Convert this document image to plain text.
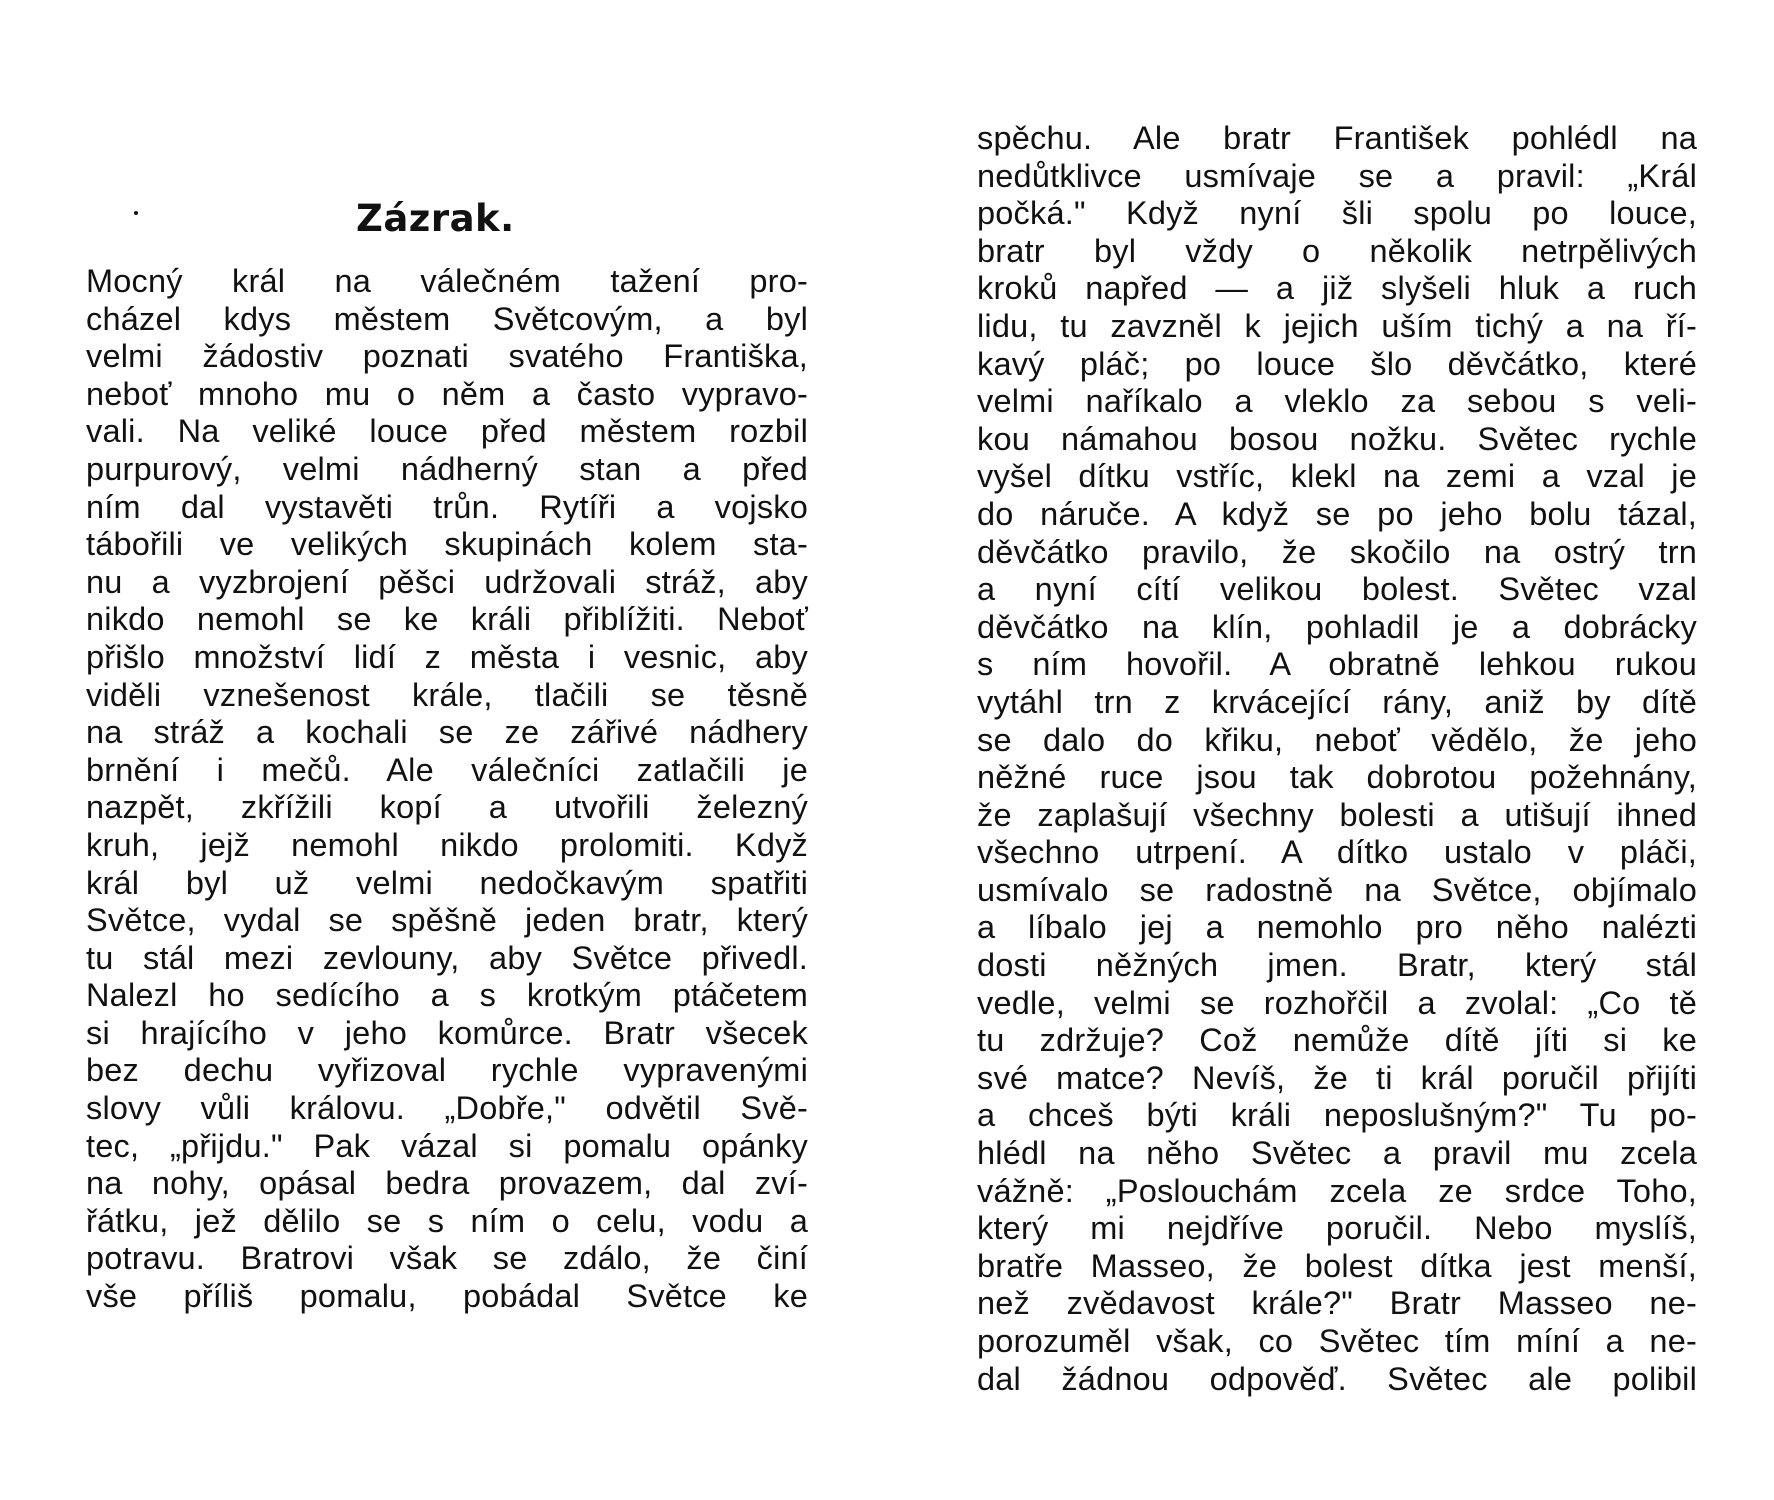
Zázrak.
Mocný král na válečném tažení pro-
cházel kdys městem Světcovým, a byl
velmi žádostiv poznati svatého Františka,
neboť mnoho mu o něm a často vypravo-
vali. Na veliké louce před městem rozbil
purpurový, velmi nádherný stan a před
ním dal vystavěti trůn. Rytíři a vojsko
tábořili ve velikých skupinách kolem sta-
nu a vyzbrojení pěšci udržovali stráž, aby
nikdo nemohl se ke králi přiblížiti. Neboť
přišlo množství lidí z města i vesnic, aby
viděli vznešenost krále, tlačili se těsně
na stráž a kochali se ze zářivé nádhery
brnění i mečů. Ale válečníci zatlačili je
nazpět, zkřížili kopí a utvořili železný
kruh, jejž nemohl nikdo prolomiti. Když
král byl už velmi nedočkavým spatřiti
Světce, vydal se spěšně jeden bratr, který
tu stál mezi zevlouny, aby Světce přivedl.
Nalezl ho sedícího a s krotkým ptáčetem
si hrajícího v jeho komůrce. Bratr všecek
bez dechu vyřizoval rychle vypravenými
slovy vůli královu. „Dobře," odvětil Svě-
tec, „přijdu." Pak vázal si pomalu opánky
na nohy, opásal bedra provazem, dal zví-
řátku, jež dělilo se s ním o celu, vodu a
potravu. Bratrovi však se zdálo, že činí
vše příliš pomalu, pobádal Světce ke
spěchu. Ale bratr František pohlédl na
nedůtklivce usmívaje se a pravil: „Král
počká." Když nyní šli spolu po louce,
bratr byl vždy o několik netrpělivých
kroků napřed — a již slyšeli hluk a ruch
lidu, tu zavzněl k jejich uším tichý a na ří-
kavý pláč; po louce šlo děvčátko, které
velmi naříkalo a vleklo za sebou s veli-
kou námahou bosou nožku. Světec rychle
vyšel dítku vstříc, klekl na zemi a vzal je
do náruče. A když se po jeho bolu tázal,
děvčátko pravilo, že skočilo na ostrý trn
a nyní cítí velikou bolest. Světec vzal
děvčátko na klín, pohladil je a dobrácky
s ním hovořil. A obratně lehkou rukou
vytáhl trn z krvácející rány, aniž by dítě
se dalo do křiku, neboť vědělo, že jeho
něžné ruce jsou tak dobrotou požehnány,
že zaplašují všechny bolesti a utišují ihned
všechno utrpení. A dítko ustalo v pláči,
usmívalo se radostně na Světce, objímalo
a líbalo jej a nemohlo pro něho nalézti
dosti něžných jmen. Bratr, který stál
vedle, velmi se rozhořčil a zvolal: „Co tě
tu zdržuje? Což nemůže dítě jíti si ke
své matce? Nevíš, že ti král poručil přijíti
a chceš býti králi neposlušným?" Tu po-
hlédl na něho Světec a pravil mu zcela
vážně: „Poslouchám zcela ze srdce Toho,
který mi nejdříve poručil. Nebo myslíš,
bratře Masseo, že bolest dítka jest menší,
než zvědavost krále?" Bratr Masseo ne-
porozuměl však, co Světec tím míní a ne-
dal žádnou odpověď. Světec ale polibil
